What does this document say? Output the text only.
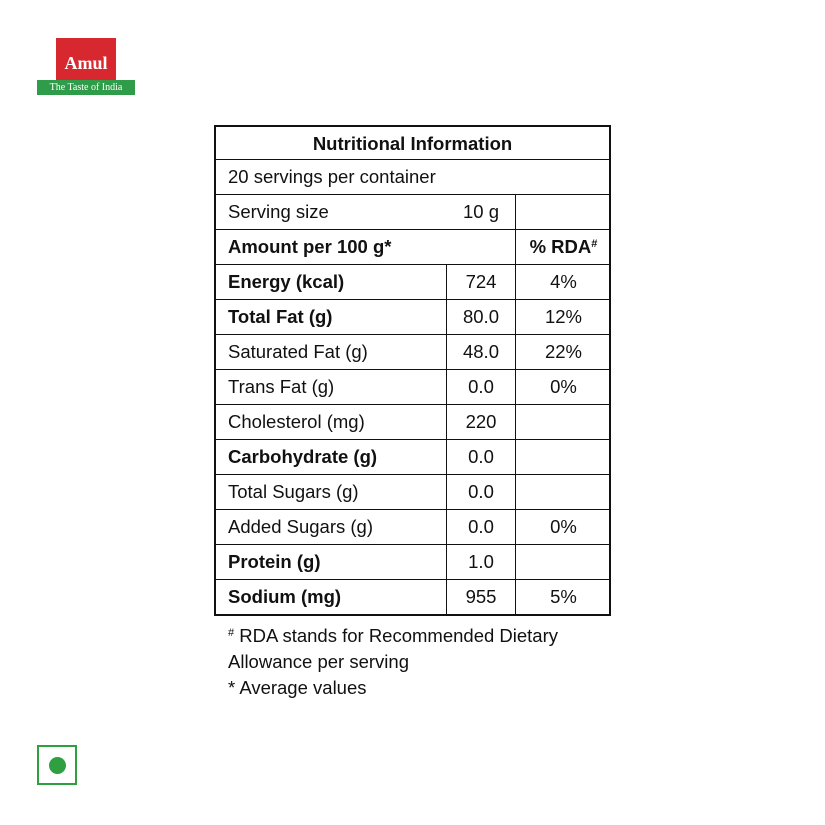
Amul
The Taste of India
Nutritional Information
20 servings per container
Serving size	10 g
Amount per 100 g*	% RDA#
Energy (kcal)	724	4%
Total Fat (g)	80.0	12%
Saturated Fat (g)	48.0	22%
Trans Fat (g)	0.0	0%
Cholesterol (mg)	220
Carbohydrate (g)	0.0
Total Sugars (g)	0.0
Added Sugars (g)	0.0	0%
Protein (g)	1.0
Sodium (mg)	955	5%
# RDA stands for Recommended Dietary
Allowance per serving
* Average values
